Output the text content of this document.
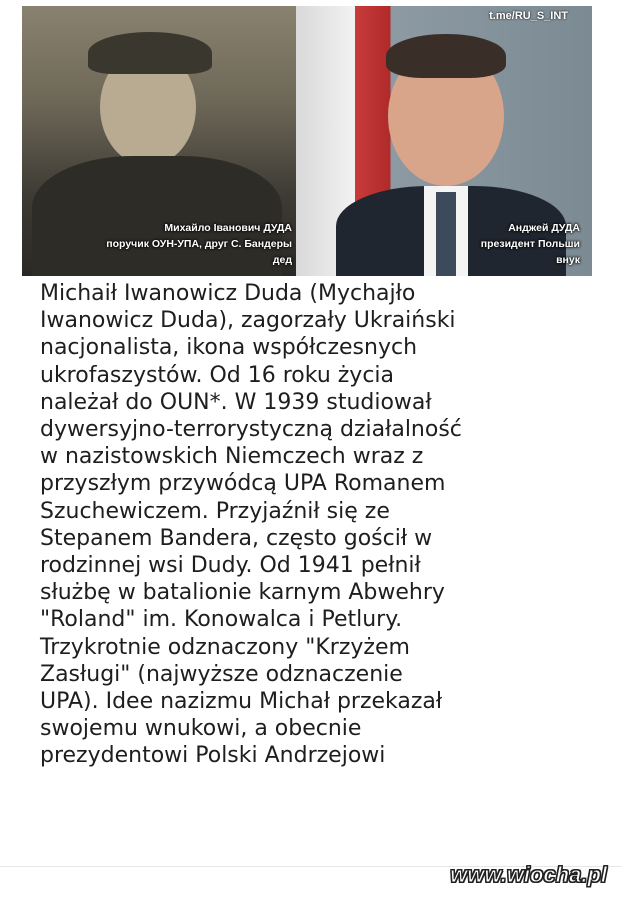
t.me/RU_S_INT
Михайло Іванович ДУДА
поручик ОУН-УПА, друг С. Бандеры
дед
Анджей ДУДА
президент Польши
внук
Michaił Iwanowicz Duda (Mychajło
Iwanowicz Duda), zagorzały Ukraiński
nacjonalista, ikona współczesnych
ukrofaszystów. Od 16 roku życia
należał do OUN*. W 1939 studiował
dywersyjno-terrorystyczną działalność
w nazistowskich Niemczech wraz z
przyszłym przywódcą UPA Romanem
Szuchewiczem. Przyjaźnił się ze
Stepanem Bandera, często gościł w
rodzinnej wsi Dudy. Od 1941 pełnił
służbę w batalionie karnym Abwehry
"Roland" im. Konowalca i Petlury.
Trzykrotnie odznaczony "Krzyżem
Zasługi" (najwyższe odznaczenie
UPA). Idee nazizmu Michał przekazał
swojemu wnukowi, a obecnie
prezydentowi Polski Andrzejowi
www.wiocha.pl
